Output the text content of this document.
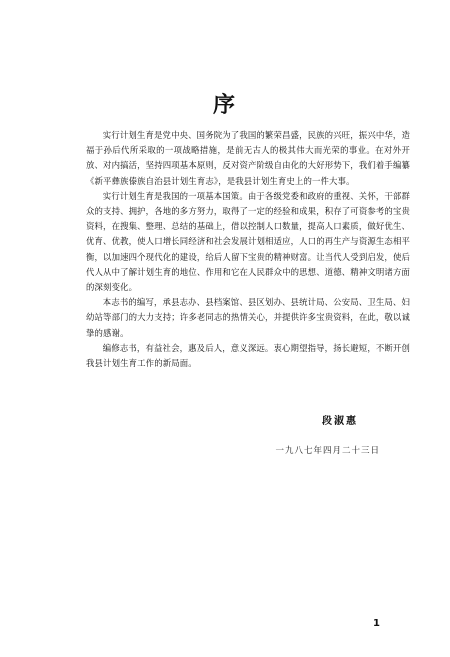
序

实行计划生育是党中央、国务院为了我国的繁荣昌盛，民族的兴旺，振兴中华，造福于孙后代所采取的一项战略措施，是前无古人的极其伟大而光荣的事业。在对外开放、对内搞活，坚持四项基本原则，反对资产阶级自由化的大好形势下，我们着手编纂《新平彝族傣族自治县计划生育志》，是我县计划生育史上的一件大事。

实行计划生育是我国的一项基本国策。由于各级党委和政府的重视、关怀，干部群众的支持、拥护，各地的多方努力，取得了一定的经验和成果，积存了可资参考的宝贵资料，在搜集、整理、总结的基础上，借以控制人口数量，提高人口素质，做好优生、优育、优教，使人口增长同经济和社会发展计划相适应，人口的再生产与资源生态相平衡，以加速四个现代化的建设，给后人留下宝贵的精神财富。让当代人受到启发，使后代人从中了解计划生育的地位、作用和它在人民群众中的思想、道德、精神文明诸方面的深刻变化。

本志书的编写，承县志办、县档案馆、县区划办、县统计局、公安局、卫生局、妇幼站等部门的大力支持；许多老同志的热情关心，并提供许多宝贵资料，在此，敬以诚挚的感谢。

编修志书，有益社会，惠及后人，意义深远。衷心期望指导，扬长避短，不断开创我县计划生育工作的新局面。

段淑惠
一九八七年四月二十三日
1
